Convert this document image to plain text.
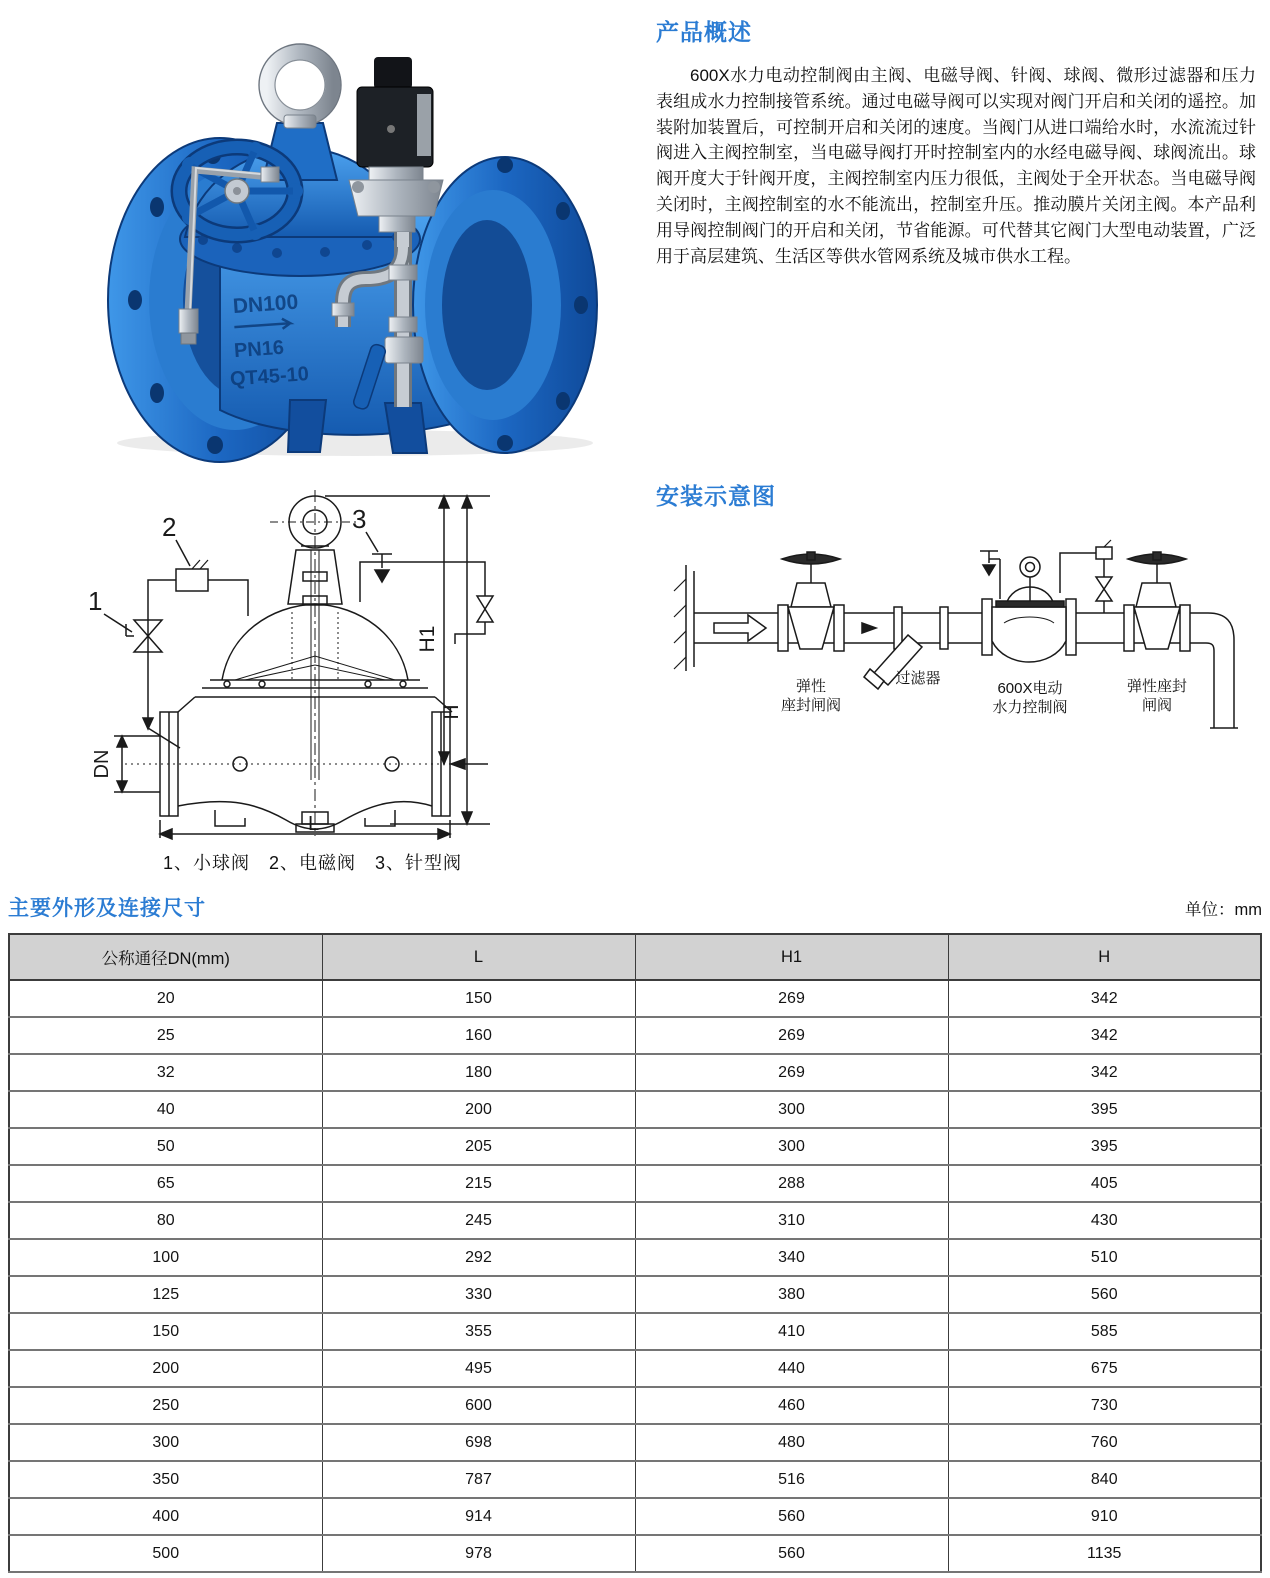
DN100
PN16
QT45-10
产品概述

600X水力电动控制阀由主阀、电磁导阀、针阀、球阀、微形过滤器和压力表组成水力控制接管系统。通过电磁导阀可以实现对阀门开启和关闭的遥控。加装附加装置后，可控制开启和关闭的速度。当阀门从进口端给水时，水流流过针阀进入主阀控制室，当电磁导阀打开时控制室内的水经电磁导阀、球阀流出。球阀开度大于针阀开度，主阀控制室内压力很低，主阀处于全开状态。当电磁导阀关闭时，主阀控制室的水不能流出，控制室升压。推动膜片关闭主阀。本产品利用导阀控制阀门的开启和关闭，节省能源。可代替其它阀门大型电动装置，广泛用于高层建筑、生活区等供水管网系统及城市供水工程。

1
2	3
H1
H
DN
L
1、小球阀　2、电磁阀　3、针型阀
安装示意图
弹性
座封闸阀
过滤器
600X电动
水力控制阀
弹性座封
闸阀
主要外形及连接尺寸	单位：mm
公称通径DN(mm)	L	H1	H
20	150	269	342
25	160	269	342
32	180	269	342
40	200	300	395
50	205	300	395
65	215	288	405
80	245	310	430
100	292	340	510
125	330	380	560
150	355	410	585
200	495	440	675
250	600	460	730
300	698	480	760
350	787	516	840
400	914	560	910
500	978	560	1135
